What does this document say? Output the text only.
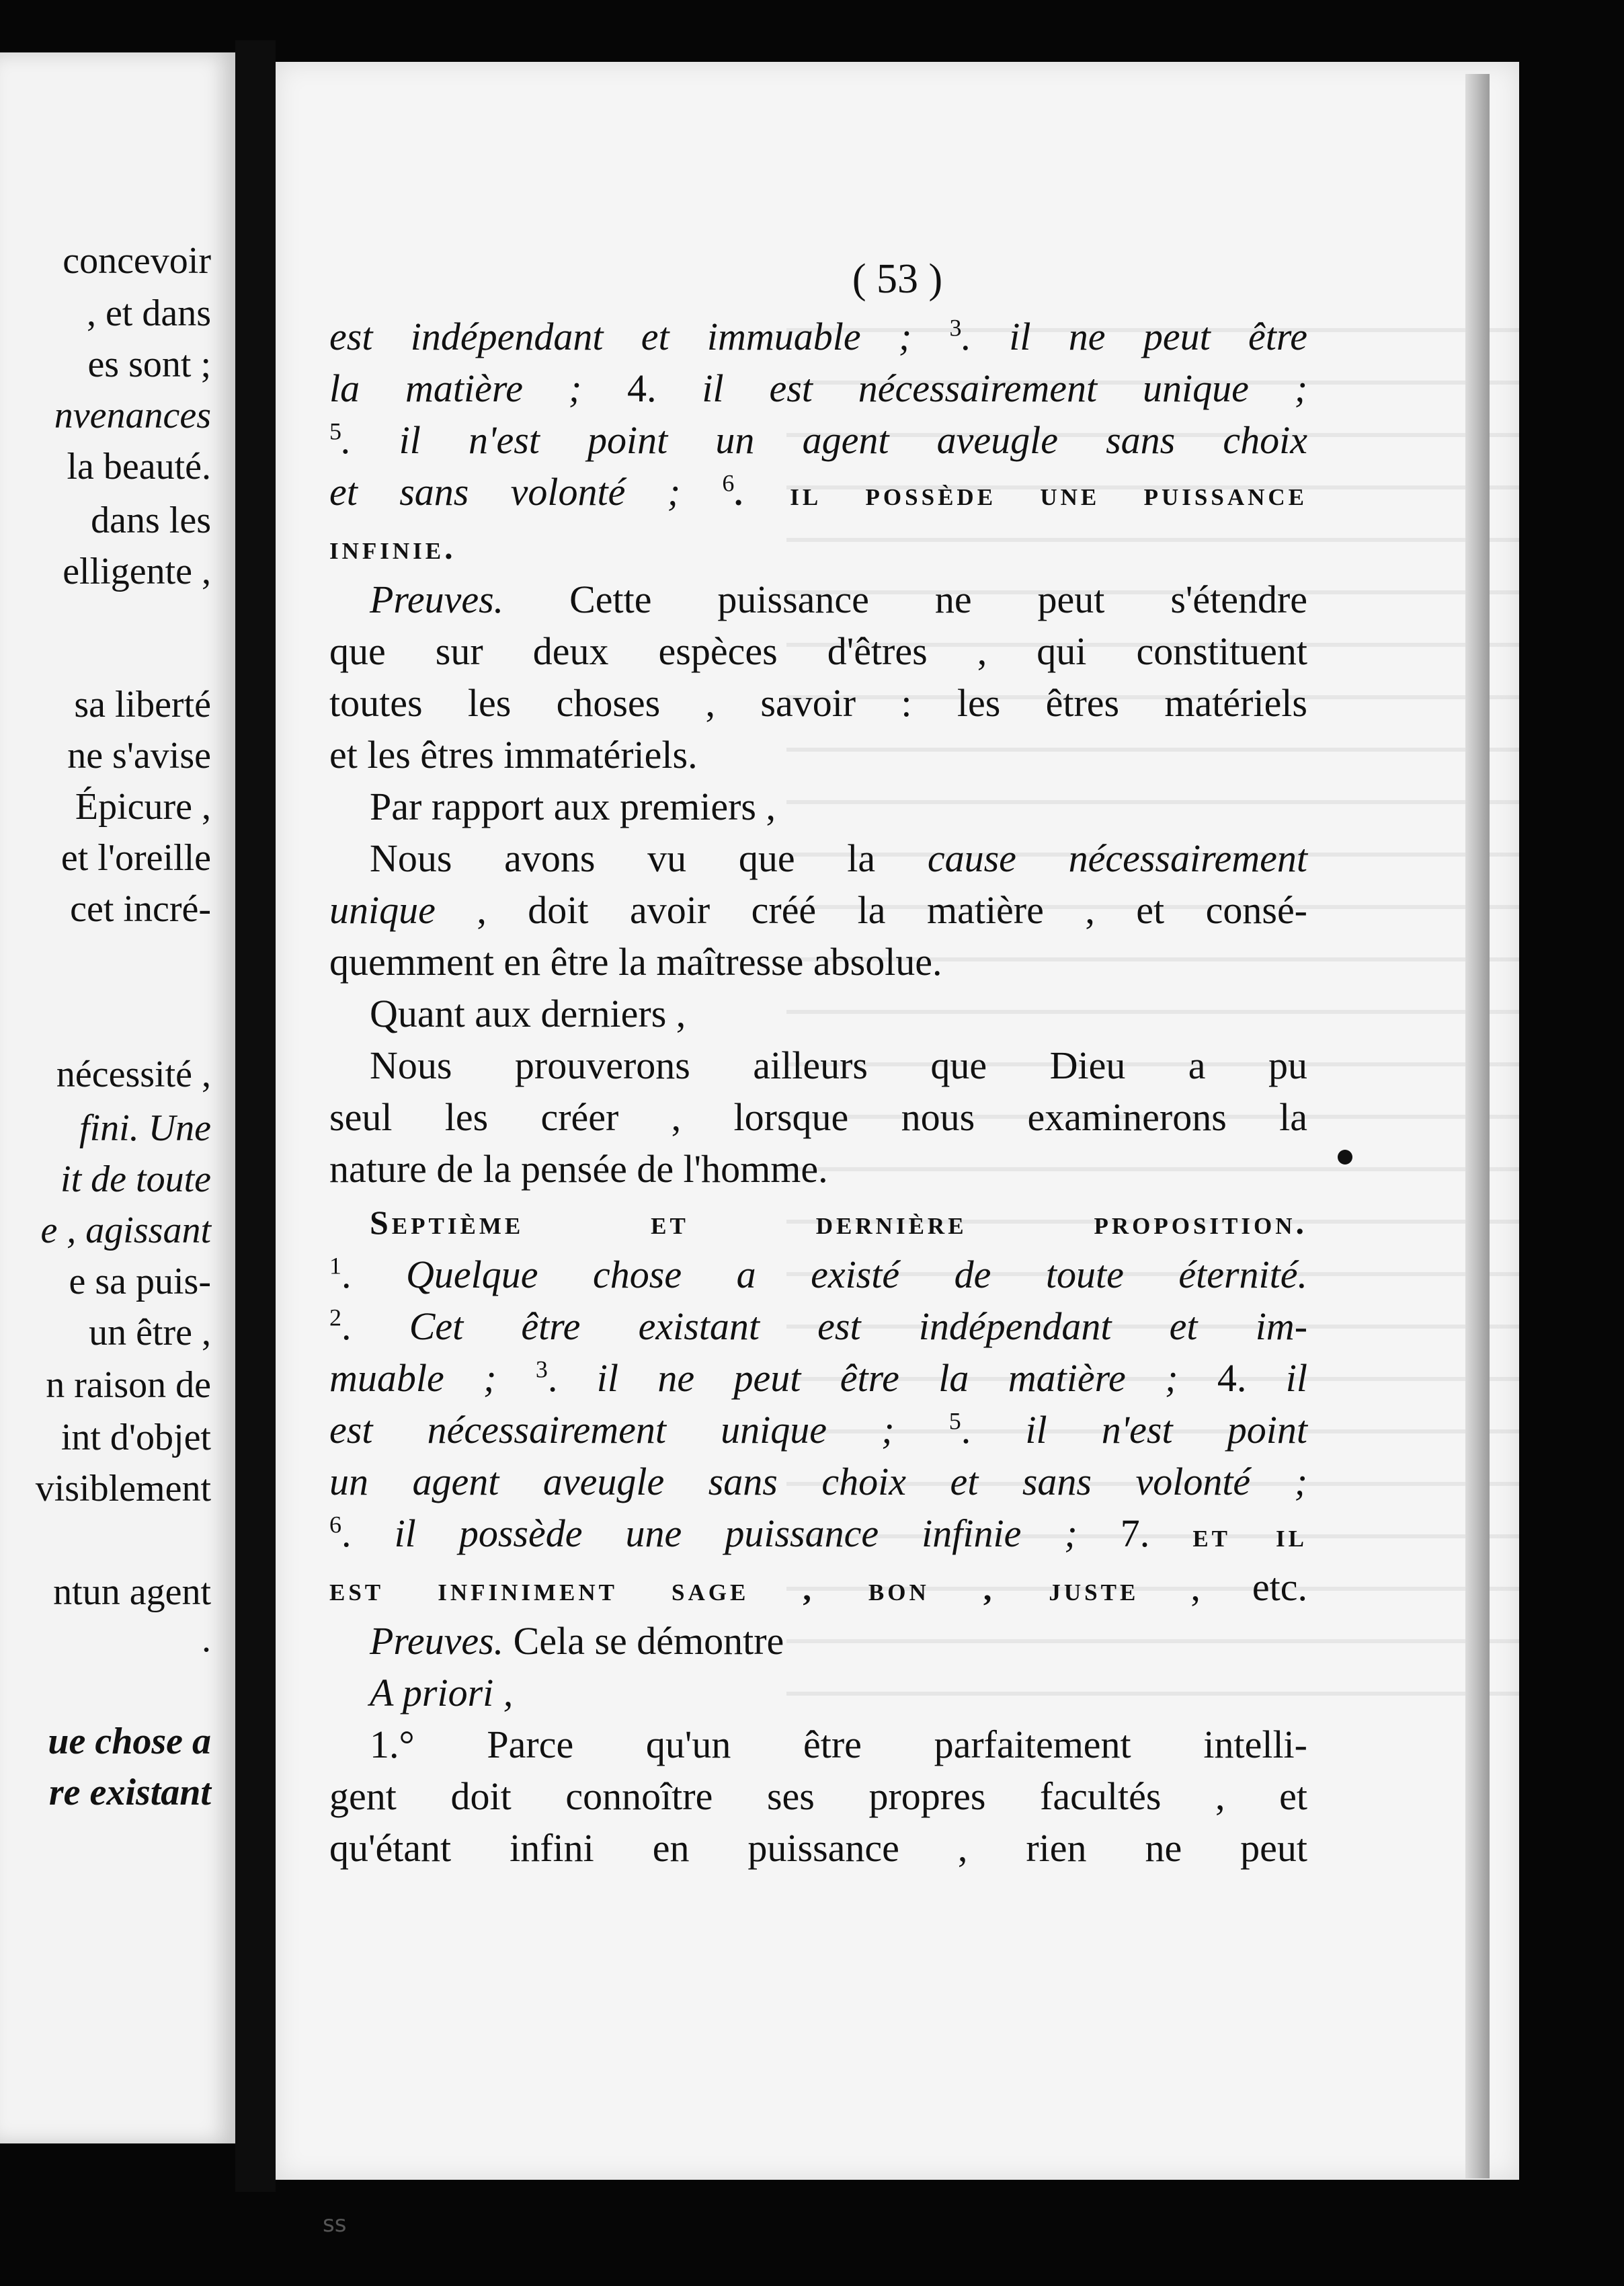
concevoir
, et dans
es sont ;
nvenances
la beauté.
dans les
elligente ,
sa liberté
ne s'avise
Épicure ,
et l'oreille
cet incré-
nécessité ,
fini. Une
it de toute
e , agissant
e sa puis-
un être ,
n raison de
int d'objet
visiblement
ntun agent
.
ue chose a
re existant
( 53 )
est indépendant et immuable ; $^3$. il ne peut être
la matière ; 4. il est nécessairement unique ;
$^5$. il n'est point un agent aveugle sans choix
et sans volonté ; $^6$. il possède une puissance
infinie.
Preuves. Cette puissance ne peut s'étendre
que sur deux espèces d'êtres , qui constituent
toutes les choses , savoir : les êtres matériels
et les êtres immatériels.
Par rapport aux premiers ,
Nous avons vu que la cause nécessairement
unique , doit avoir créé la matière , et consé-
quemment en être la maîtresse absolue.
Quant aux derniers ,
Nous prouverons ailleurs que Dieu a pu
seul les créer , lorsque nous examinerons la
nature de la pensée de l'homme.
Septième et dernière proposition.
$^1$. Quelque chose a existé de toute éternité.
$^2$. Cet être existant est indépendant et im-
muable ; $^3$. il ne peut être la matière ; 4. il
est nécessairement unique ; $^5$. il n'est point
un agent aveugle sans choix et sans volonté ;
$^6$. il possède une puissance infinie ; 7. et il
est infiniment sage , bon , juste , etc.
Preuves. Cela se démontre
A priori ,
1.° Parce qu'un être parfaitement intelli-
gent doit connoître ses propres facultés , et
qu'étant infini en puissance , rien ne peut
ss
